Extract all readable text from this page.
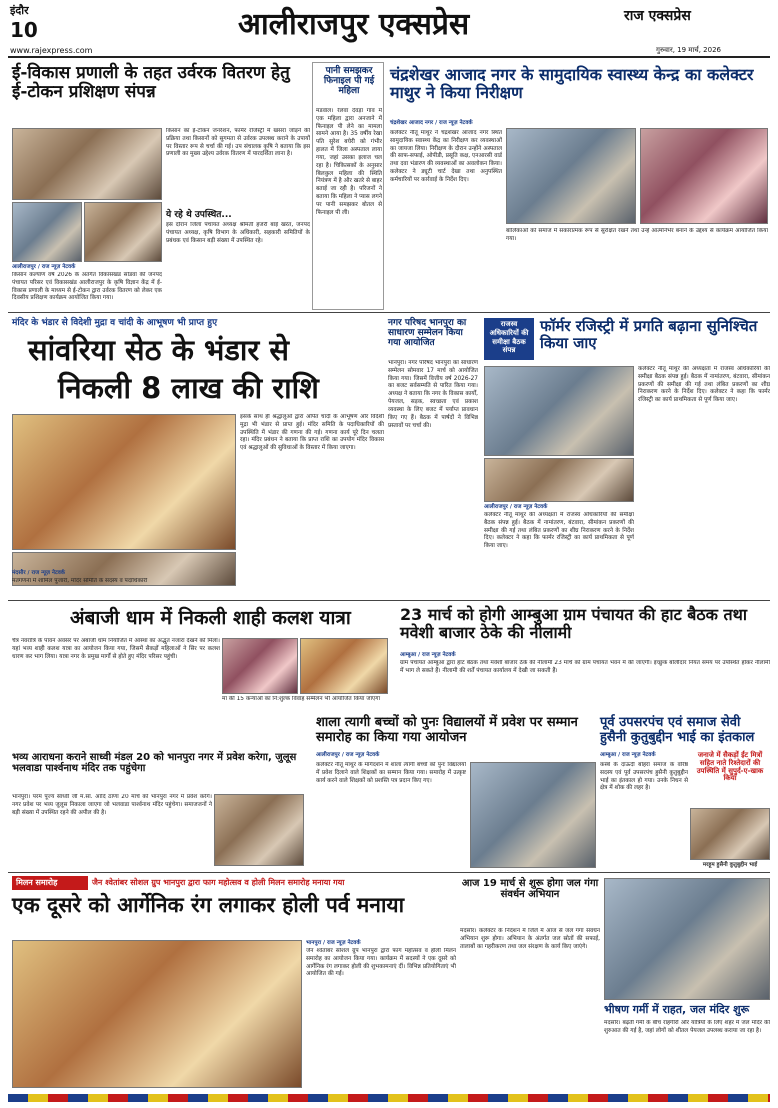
इंदौर
10	आलीराजपुर एक्सप्रेस	राज एक्सप्रेस
www.rajexpress.com	गुरुवार, 19 मार्च, 2026
ई-विकास प्रणाली के तहत उर्वरक वितरण हेतु ई-टोकन प्रशिक्षण संपन्न
आलीराजपुर / राज न्यूज़ नेटवर्क
किसान कल्याण वर्ष 2026 के अंतर्गत विकासखंड सोंडवा की जनपद पंचायत परिसर एवं विकासखंड आलीराजपुर के कृषि विज्ञान केंद्र में ई-विकास प्रणाली के माध्यम से ई-टोकन द्वारा उर्वरक वितरण को लेकर एक दिवसीय प्रशिक्षण कार्यक्रम आयोजित किया गया।
किसान का ई-टोकन जनरेशन, फार्मर रजिस्ट्री में खसरा जोड़ने की प्रक्रिया तथा किसानों को सुगमता से उर्वरक उपलब्ध कराने के उपायों पर विस्तार रूप से चर्चा की गई। उप संचालक कृषि ने बताया कि इस प्रणाली का मुख्य उद्देश्य उर्वरक वितरण में पारदर्शिता लाना है।
ये रहे थे उपस्थित...
इस दौरान जिला पंचायत अध्यक्ष श्रीमती हजरी बाई खरत, जनपद पंचायत अध्यक्ष, कृषि विभाग के अधिकारी, सहकारी समितियों के प्रबंधक एवं किसान बड़ी संख्या में उपस्थित रहे।
पानी समझकर फिनाइल पी गई महिला
मंडवाल। रेलवा देवड़ा गांव में एक महिला द्वारा अनजाने में फिनाइल पी लेने का मामला सामने आया है। 35 वर्षीय रेखा पति सुरेश बघेरी को गंभीर हालत में जिला अस्पताल लाया गया, जहां उसका इलाज चल रहा है। चिकित्सकों के अनुसार बिलकुल महिला की स्थिति नियंत्रण में है और खतरे से बाहर बताई जा रही है। परिजनों ने बताया कि महिला ने प्यास लगने पर पानी समझकर बोतल से फिनाइल पी ली।
चंद्रशेखर आजाद नगर के सामुदायिक स्वास्थ्य केन्द्र का कलेक्टर माथुर ने किया निरीक्षण
चंद्रशेखर आजाद नगर / राज न्यूज़ नेटवर्क
कलेक्टर नीतू माथुर ने चंद्रशेखर आजाद नगर स्थित सामुदायिक स्वास्थ्य केंद्र का निरीक्षण कर व्यवस्थाओं का जायजा लिया। निरीक्षण के दौरान उन्होंने अस्पताल की साफ-सफाई, ओपीडी, प्रसूति कक्ष, एनआरसी वार्ड तथा दवा भंडारण की व्यवस्थाओं का अवलोकन किया। कलेक्टर ने ड्यूटी चार्ट देखा तथा अनुपस्थित कर्मचारियों पर कार्रवाई के निर्देश दिए।
बालिकाओं को समाज में सकारात्मक रूप से सुरक्षित रखने तथा उन्हें आत्मनिर्भर बनाने के उद्देश्य से कार्यक्रम आयोजित किया गया।
मंदिर के भंडार से विदेशी मुद्रा व चांदी के आभूषण भी प्राप्त हुए
सांवरिया सेठ के भंडार से
निकली 8 लाख की राशि
मंदसौर / राज न्यूज़ नेटवर्क
मतगणना में शामिल पुजारी, मंदिर समिति के सदस्य व पदाधिकारी
इसके साथ ही श्रद्धालुओं द्वारा अर्पित चांदी के आभूषण और विदेशी मुद्रा भी भंडार से प्राप्त हुई। मंदिर समिति के पदाधिकारियों की उपस्थिति में भंडार की गणना की गई। गणना कार्य पूरे दिन चलता रहा। मंदिर प्रबंधन ने बताया कि प्राप्त राशि का उपयोग मंदिर विकास एवं श्रद्धालुओं की सुविधाओं के विस्तार में किया जाएगा।
नगर परिषद भानपुरा का साधारण सम्मेलन किया गया आयोजित
भानपुरा। नगर परिषद भानपुरा का साधारण सम्मेलन सोमवार 17 मार्च को आयोजित किया गया। जिसमें वित्तीय वर्ष 2026-27 का बजट सर्वसम्मति से पारित किया गया। अध्यक्ष ने बताया कि नगर के विकास कार्यों, पेयजल, सड़क, स्वच्छता एवं प्रकाश व्यवस्था के लिए बजट में पर्याप्त प्रावधान किए गए हैं। बैठक में पार्षदों ने विभिन्न प्रस्तावों पर चर्चा की।
राजस्व अधिकारियों की समीक्षा बैठक संपन्न
फॉर्मर रजिस्ट्री में प्रगति बढ़ाना सुनिश्चित किया जाए
आलीराजपुर / राज न्यूज़ नेटवर्क
कलेक्टर नीतू माथुर की अध्यक्षता में राजस्व अधिकारियों की समीक्षा बैठक संपन्न हुई। बैठक में नामांतरण, बंटवारा, सीमांकन प्रकरणों की समीक्षा की गई तथा लंबित प्रकरणों का शीघ्र निराकरण करने के निर्देश दिए। कलेक्टर ने कहा कि फार्मर रजिस्ट्री का कार्य प्राथमिकता से पूर्ण किया जाए।
कलेक्टर नीतू माथुर की अध्यक्षता में राजस्व अधिकारियों की समीक्षा बैठक संपन्न हुई। बैठक में नामांतरण, बंटवारा, सीमांकन प्रकरणों की समीक्षा की गई तथा लंबित प्रकरणों का शीघ्र निराकरण करने के निर्देश दिए। कलेक्टर ने कहा कि फार्मर रजिस्ट्री का कार्य प्राथमिकता से पूर्ण किया जाए।
अंबाजी धाम में निकली शाही कलश यात्रा
चैत्र नवरात्रि के पावन अवसर पर अंबाजी धाम नियोजित में आस्था का अद्भुत नजारा देखने को मिला। यहां भव्य शाही कलश यात्रा का आयोजन किया गया, जिसमें सैकड़ों महिलाओं ने सिर पर कलश धारण कर भाग लिया। यात्रा नगर के प्रमुख मार्गों से होते हुए मंदिर परिसर पहुंची।
मां की 15 कन्याओं का नि:शुल्क विवाह सम्मेलन भी आयोजित किया जाएगा
23 मार्च को होगी आम्बुआ ग्राम पंचायत की हाट बैठक तथा मवेशी बाजार ठेके की नीलामी
आम्बुआ / राज न्यूज़ नेटवर्क
ग्राम पंचायत आम्बुआ द्वारा हाट बैठक तथा मवेशी बाजार ठेके की नीलामी 23 मार्च को ग्राम पंचायत भवन में की जाएगी। इच्छुक बोलीदार नियत समय पर उपस्थित होकर नीलामी में भाग ले सकते हैं। नीलामी की शर्तें पंचायत कार्यालय में देखी जा सकती हैं।
भव्य आराधना कराने साध्वी मंडल 20 को भानपुरा नगर में प्रवेश करेगा, जुलूस भलवाडा पार्श्वनाथ मंदिर तक पहुंचेगा
भानपुरा। परम पूज्य साध्वी जी म.सा. आदि ठाणा 20 मार्च को भानपुरा नगर में प्रवेश करेंगे। नगर प्रवेश पर भव्य जुलूस निकाला जाएगा जो भलवाडा पार्श्वनाथ मंदिर पहुंचेगा। समाजजनों ने बड़ी संख्या में उपस्थित रहने की अपील की है।
शाला त्यागी बच्चों को पुनः विद्यालयों में प्रवेश पर सम्मान समारोह का किया गया आयोजन
आलीराजपुर / राज न्यूज़ नेटवर्क
कलेक्टर नीतू माथुर के मार्गदर्शन में शाला त्यागी बच्चों को पुनः विद्यालयों में प्रवेश दिलाने वाले शिक्षकों का सम्मान किया गया। समारोह में उत्कृष्ट कार्य करने वाले शिक्षकों को प्रशस्ति पत्र प्रदान किए गए।
पूर्व उपसरपंच एवं समाज सेवी हुसैनी कुतुबुद्दीन भाई का इंतकाल
आम्बुआ / राज न्यूज़ नेटवर्क	जनाजे में सैकड़ों ईंट मित्रों सहित नाते रिश्तेदारों की उपस्थिति में सुपुर्द-ए-खाक किया
कस्बे के दाऊदी बोहरा समाज के वरिष्ठ सदस्य एवं पूर्व उपसरपंच हुसैनी कुतुबुद्दीन भाई का इंतकाल हो गया। उनके निधन से क्षेत्र में शोक की लहर है।
मरहूम हुसैनी कुतुबुद्दीन भाई
मिलन समारोह	जैन श्वेतांबर सोशल ग्रुप भानपुरा द्वारा फाग महोत्सव व होली मिलन समारोह मनाया गया
एक दूसरे को आर्गेनिक रंग लगाकर होली पर्व मनाया
भानपुरा / राज न्यूज़ नेटवर्क
जैन श्वेतांबर सोशल ग्रुप भानपुरा द्वारा फाग महोत्सव व होली मिलन समारोह का आयोजन किया गया। कार्यक्रम में सदस्यों ने एक दूसरे को आर्गेनिक रंग लगाकर होली की शुभकामनाएं दीं। विभिन्न प्रतियोगिताएं भी आयोजित की गईं।
आज 19 मार्च से शुरू होगा जल गंगा संवर्धन अभियान
मंदसौर। कलेक्टर के निर्देशन में जिले में आज से जल गंगा संवर्धन अभियान शुरू होगा। अभियान के अंतर्गत जल स्रोतों की सफाई, तालाबों का गहरीकरण तथा जल संरक्षण के कार्य किए जाएंगे।
भीषण गर्मी में राहत, जल मंदिर शुरू
मंदसौर। बढ़ती गर्मी के बीच राहगीरों और यात्रियों के लिए शहर में जल मंदिर की शुरुआत की गई है, जहां लोगों को शीतल पेयजल उपलब्ध कराया जा रहा है।
